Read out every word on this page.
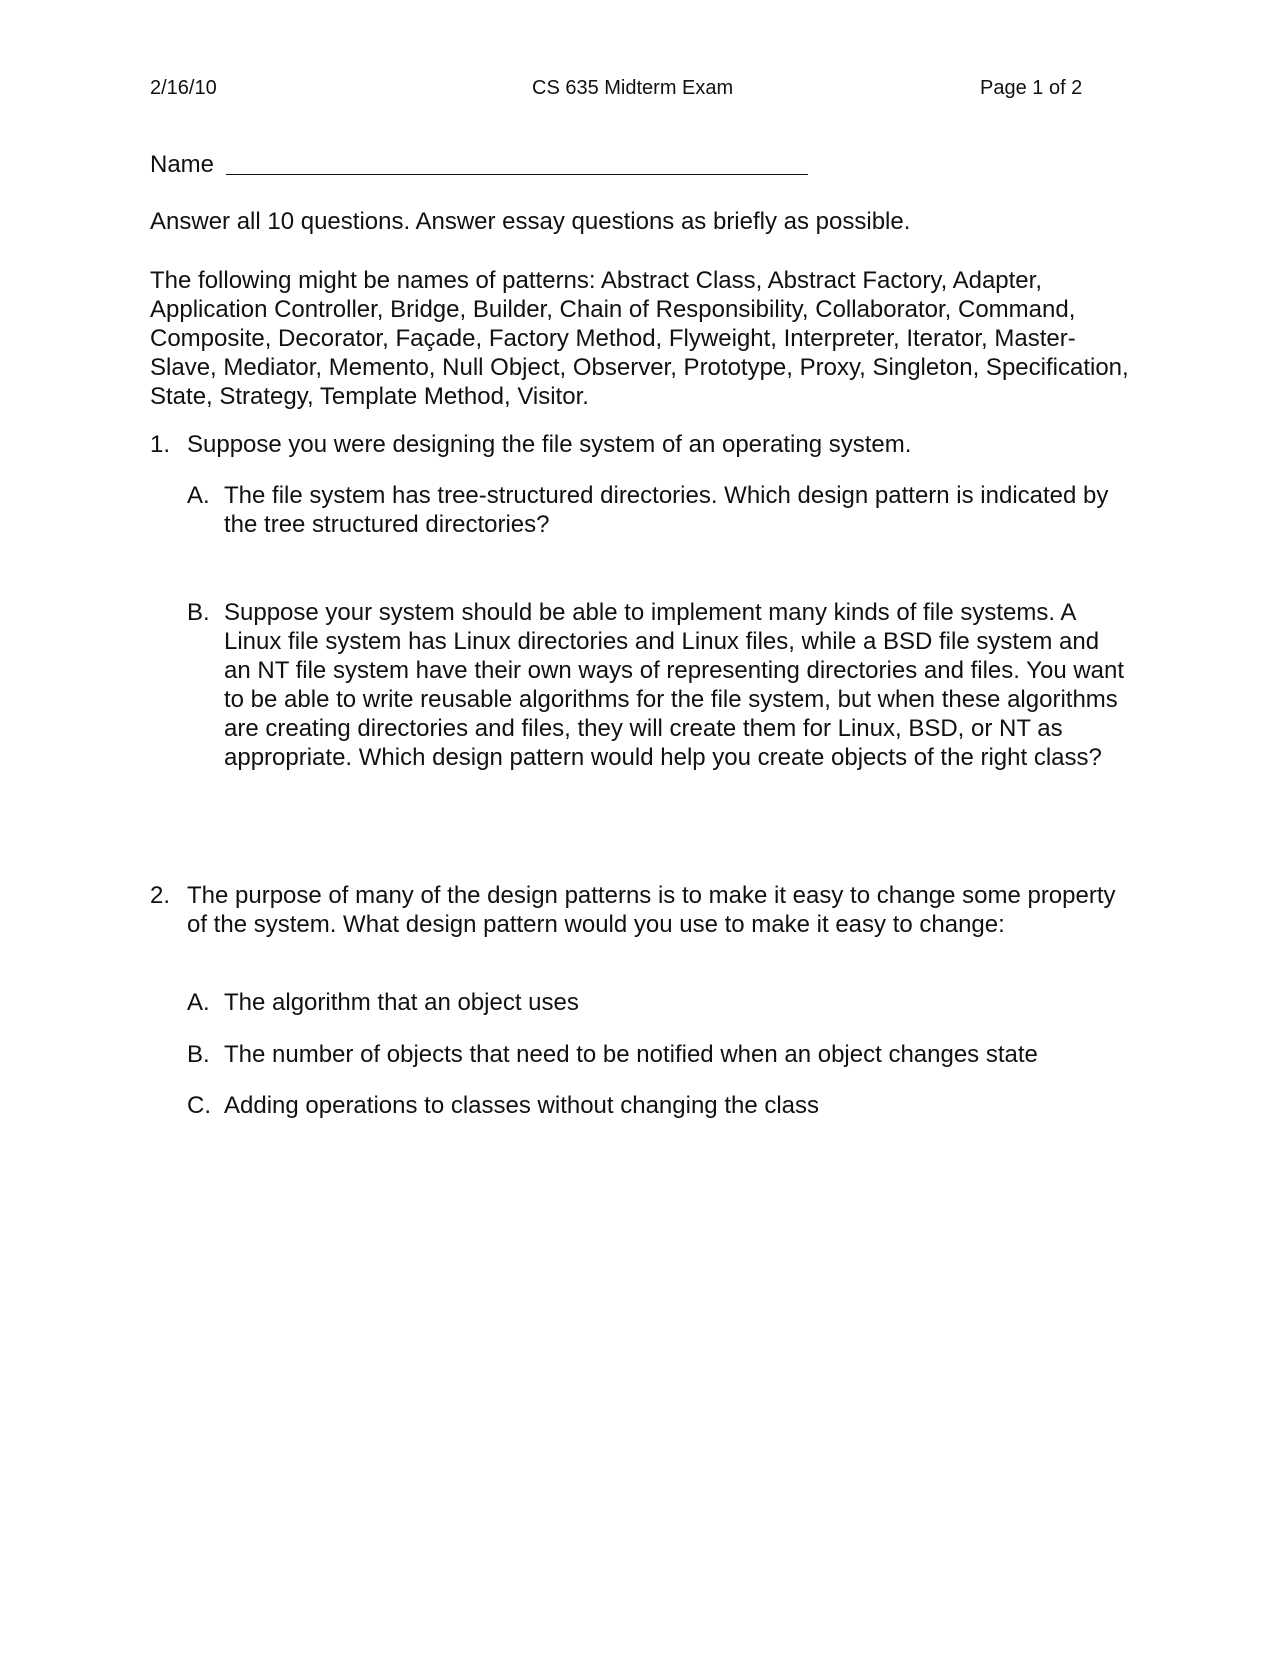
2/16/10	CS 635 Midterm Exam	Page 1 of 2
Name

Answer all 10 questions. Answer essay questions as briefly as possible.

The following might be names of patterns: Abstract Class, Abstract Factory, Adapter, Application Controller, Bridge, Builder, Chain of Responsibility, Collaborator, Command, Composite, Decorator, Façade, Factory Method, Flyweight, Interpreter, Iterator, Master-Slave, Mediator, Memento, Null Object, Observer, Prototype, Proxy, Singleton, Specification, State, Strategy, Template Method, Visitor.

1. Suppose you were designing the file system of an operating system.
A. The file system has tree-structured directories. Which design pattern is indicated by the tree structured directories?
B. Suppose your system should be able to implement many kinds of file systems. A Linux file system has Linux directories and Linux files, while a BSD file system and an NT file system have their own ways of representing directories and files. You want to be able to write reusable algorithms for the file system, but when these algorithms are creating directories and files, they will create them for Linux, BSD, or NT as appropriate. Which design pattern would help you create objects of the right class?
2. The purpose of many of the design patterns is to make it easy to change some property of the system. What design pattern would you use to make it easy to change:
A. The algorithm that an object uses
B. The number of objects that need to be notified when an object changes state
C. Adding operations to classes without changing the class
